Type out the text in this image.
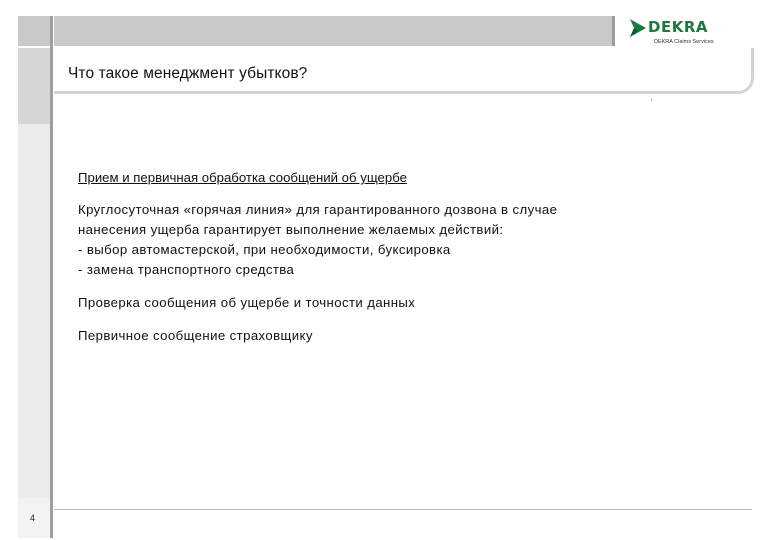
Что такое менеджмент убытков?
DEKRA
DEKRA Claims Services

Прием и первичная обработка сообщений об ущербе

Круглосуточная «горячая линия» для гарантированного дозвона в случае
нанесения ущерба гарантирует выполнение желаемых действий:
- выбор автомастерской, при необходимости, буксировка
- замена транспортного средства

Проверка сообщения об ущербе и точности данных

Первичное сообщение страховщику

4
